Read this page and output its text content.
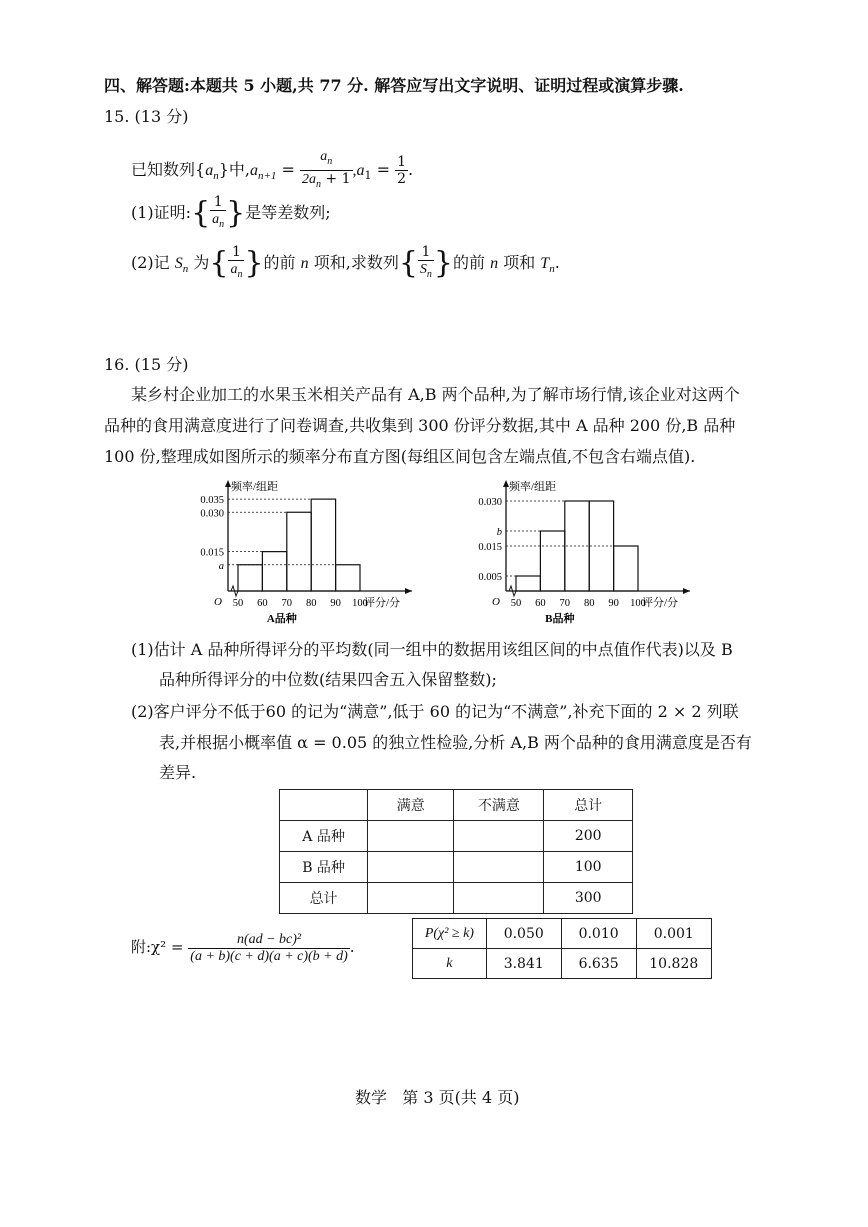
四、解答题:本题共 5 小题,共 77 分. 解答应写出文字说明、证明过程或演算步骤.
15. (13 分)
已知数列$\{a_n\}$中$,a_{n+1} = \frac{a_n}{2a_n + 1} ,a_1 = \frac{1}{2}$ .
(1)证明:{ $\frac{1}{a_n}$ }是等差数列;
(2)记 $S_n$ 为{ $\frac{1}{a_n}$ }的前 n 项和,求数列{ $\frac{1}{S_n}$ }的前 n 项和 $T_n$.
16. (15 分)
某乡村企业加工的水果玉米相关产品有 A,B 两个品种,为了解市场行情,该企业对这两个
品种的食用满意度进行了问卷调查,共收集到 300 份评分数据,其中 A 品种 200 份,B 品种
100 份,整理成如图所示的频率分布直方图(每组区间包含左端点值,不包含右端点值).
频率/组距
评分/分
O
0.035
0.030
0.015
a
50 60 70 80 90 100
A品种
频率/组距
评分/分
O
0.030
b
0.015
0.005
50 60 70 80 90 100
B品种
(1)估计 A 品种所得评分的平均数(同一组中的数据用该组区间的中点值作代表)以及 B
品种所得评分的中位数(结果四舍五入保留整数);
(2)客户评分不低于60 的记为“满意”,低于 60 的记为“不满意”,补充下面的 2 × 2 列联
表,并根据小概率值 α = 0.05 的独立性检验,分析 A,B 两个品种的食用满意度是否有
差异.
	满意	不满意	总计
A 品种			200
B 品种			100
总计			300
附:χ² = $\frac{\text{n(ad − bc)²}}{(a + b)(c + d)(a + c)(b + d)}$ .
P(χ² ≥ k)	0.050	0.010	0.001
k	3.841	6.635	10.828
数学   第 3 页(共 4 页)
